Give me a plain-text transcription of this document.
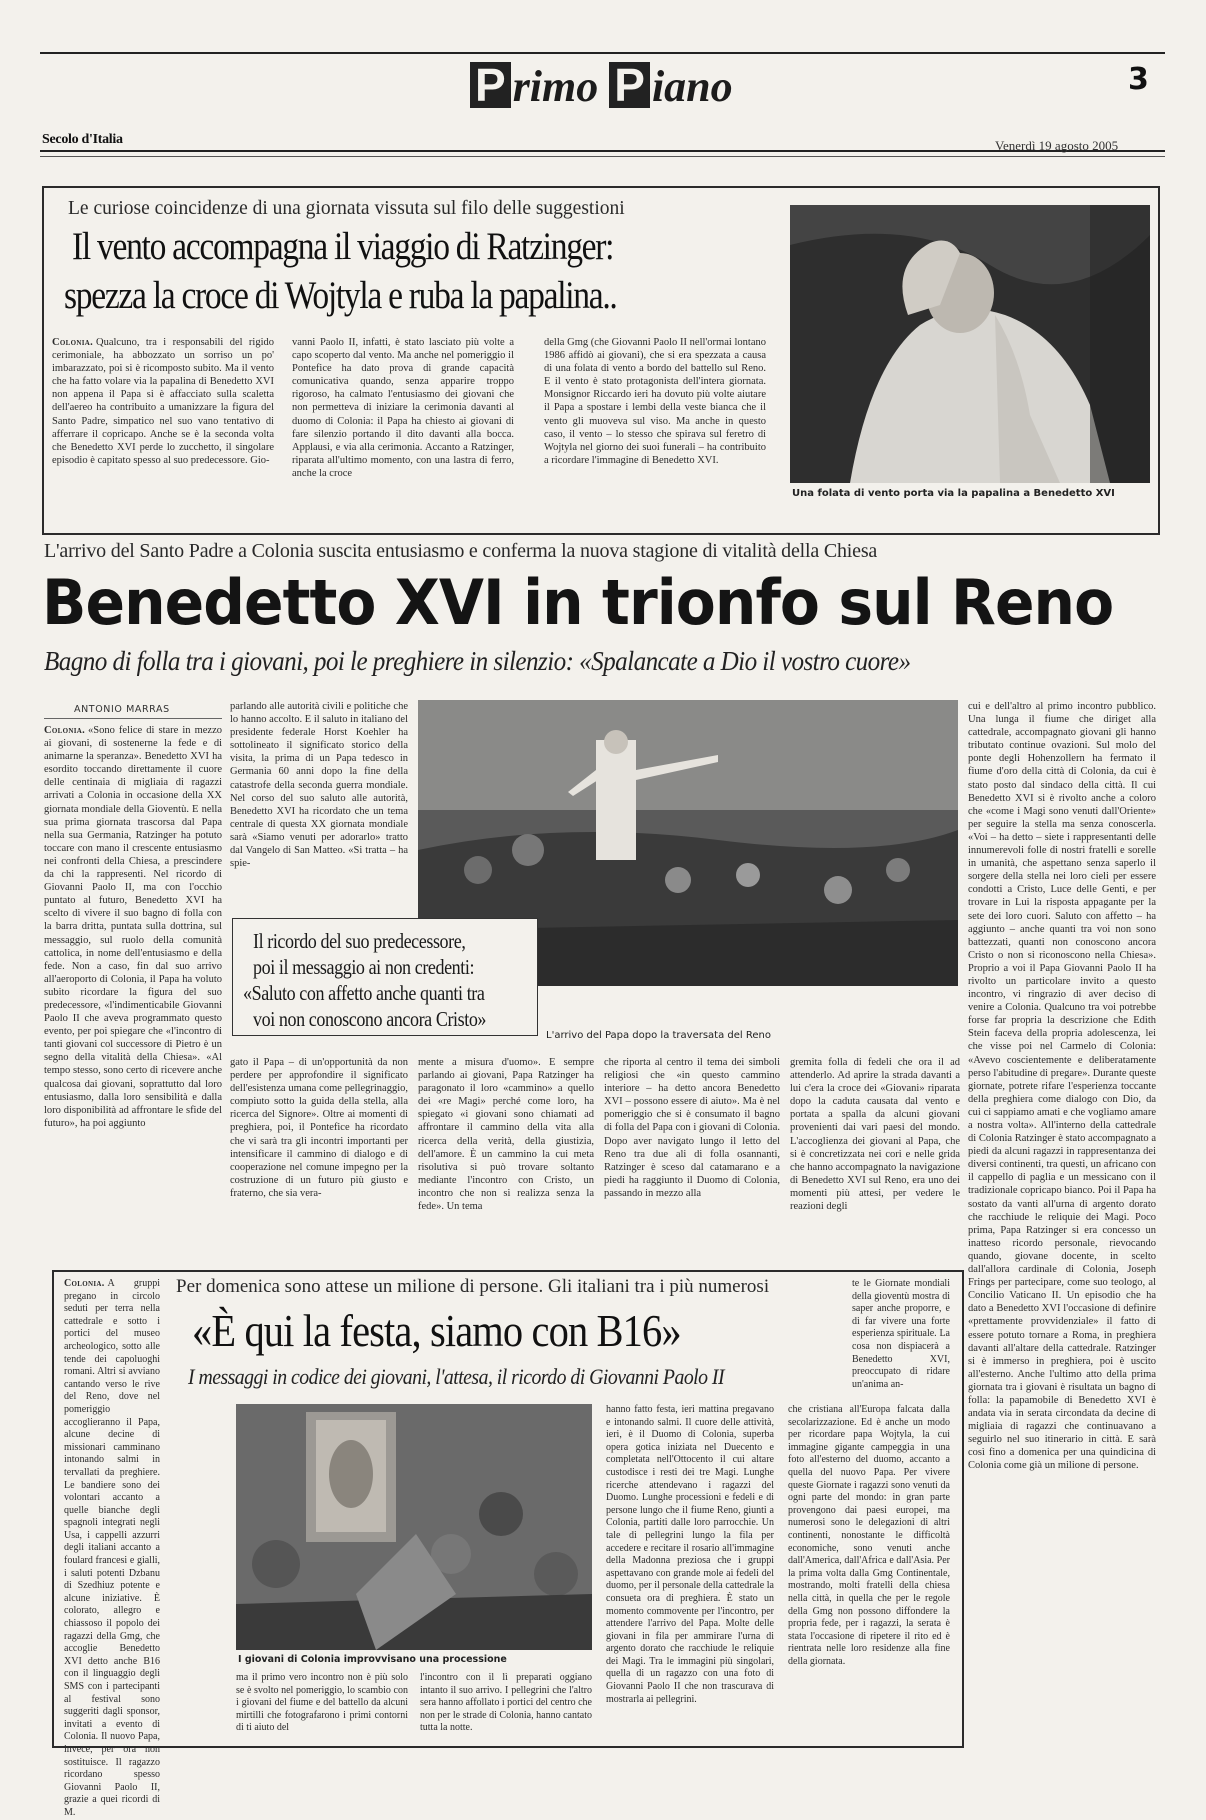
P rimo P iano	3
Secolo d'Italia	Venerdì 19 agosto 2005
Le curiose coincidenze di una giornata vissuta sul filo delle suggestioni
Il vento accompagna il viaggio di Ratzinger:
spezza la croce di Wojtyla e ruba la papalina..
Colonia. Qualcuno, tra i responsabili del rigido cerimoniale, ha abbozzato un sorriso un po' imbarazzato, poi si è ricomposto subito. Ma il vento che ha fatto volare via la papalina di Benedetto XVI non appena il Papa si è affacciato sulla scaletta dell'aereo ha contribuito a umanizzare la figura del Santo Padre, simpatico nel suo vano tentativo di afferrare il copricapo. Anche se è la seconda volta che Benedetto XVI perde lo zucchetto, il singolare episodio è capitato spesso al suo predecessore. Gio-
vanni Paolo II, infatti, è stato lasciato più volte a capo scoperto dal vento. Ma anche nel pomeriggio il Pontefice ha dato prova di grande capacità comunicativa quando, senza apparire troppo rigoroso, ha calmato l'entusiasmo dei giovani che non permetteva di iniziare la cerimonia davanti al duomo di Colonia: il Papa ha chiesto ai giovani di fare silenzio portando il dito davanti alla bocca. Applausi, e via alla cerimonia. Accanto a Ratzinger, riparata all'ultimo momento, con una lastra di ferro, anche la croce
della Gmg (che Giovanni Paolo II nell'ormai lontano 1986 affidò ai giovani), che si era spezzata a causa di una folata di vento a bordo del battello sul Reno. E il vento è stato protagonista dell'intera giornata. Monsignor Riccardo ieri ha dovuto più volte aiutare il Papa a spostare i lembi della veste bianca che il vento gli muoveva sul viso. Ma anche in questo caso, il vento – lo stesso che spirava sul feretro di Wojtyla nel giorno dei suoi funerali – ha contribuito a ricordare l'immagine di Benedetto XVI.
Una folata di vento porta via la papalina a Benedetto XVI
L'arrivo del Santo Padre a Colonia suscita entusiasmo e conferma la nuova stagione di vitalità della Chiesa
Benedetto XVI in trionfo sul Reno
Bagno di folla tra i giovani, poi le preghiere in silenzio: «Spalancate a Dio il vostro cuore»
ANTONIO MARRAS
Colonia. «Sono felice di stare in mezzo ai giovani, di sostenerne la fede e di animarne la speranza». Benedetto XVI ha esordito toccando direttamente il cuore delle centinaia di migliaia di ragazzi arrivati a Colonia in occasione della XX giornata mondiale della Gioventù. E nella sua prima giornata trascorsa dal Papa nella sua Germania, Ratzinger ha potuto toccare con mano il crescente entusiasmo nei confronti della Chiesa, a prescindere da chi la rappresenti. Nel ricordo di Giovanni Paolo II, ma con l'occhio puntato al futuro, Benedetto XVI ha scelto di vivere il suo bagno di folla con la barra dritta, puntata sulla dottrina, sul messaggio, sul ruolo della comunità cattolica, in nome dell'entusiasmo e della fede. Non a caso, fin dal suo arrivo all'aeroporto di Colonia, il Papa ha voluto subito ricordare la figura del suo predecessore, «l'indimenticabile Giovanni Paolo II che aveva programmato questo evento, per poi spiegare che «l'incontro di tanti giovani col successore di Pietro è un segno della vitalità della Chiesa». «Al tempo stesso, sono certo di ricevere anche qualcosa dai giovani, soprattutto dal loro entusiasmo, dalla loro sensibilità e dalla loro disponibilità ad affrontare le sfide del futuro», ha poi aggiunto
parlando alle autorità civili e politiche che lo hanno accolto. E il saluto in italiano del presidente federale Horst Koehler ha sottolineato il significato storico della visita, la prima di un Papa tedesco in Germania 60 anni dopo la fine della catastrofe della seconda guerra mondiale. Nel corso del suo saluto alle autorità, Benedetto XVI ha ricordato che un tema centrale di questa XX giornata mondiale sarà «Siamo venuti per adorarlo» tratto dal Vangelo di San Matteo. «Si tratta – ha spie-
Il ricordo del suo predecessore,
poi il messaggio ai non credenti:
«Saluto con affetto anche quanti tra
voi non conoscono ancora Cristo»
L'arrivo del Papa dopo la traversata del Reno
cui e dell'altro al primo incontro pubblico. Una lunga il fiume che diriget alla cattedrale, accompagnato giovani gli hanno tributato continue ovazioni. Sul molo del ponte degli Hohenzollern ha fermato il fiume d'oro della città di Colonia, da cui è stato posto dal sindaco della città. Il cui Benedetto XVI si è rivolto anche a coloro che «come i Magi sono venuti dall'Oriente» per seguire la stella ma senza conoscerla. «Voi – ha detto – siete i rappresentanti delle innumerevoli folle di nostri fratelli e sorelle in umanità, che aspettano senza saperlo il sorgere della stella nei loro cieli per essere condotti a Cristo, Luce delle Genti, e per trovare in Lui la risposta appagante per la sete dei loro cuori. Saluto con affetto – ha aggiunto – anche quanti tra voi non sono battezzati, quanti non conoscono ancora Cristo o non si riconoscono nella Chiesa». Proprio a voi il Papa Giovanni Paolo II ha rivolto un particolare invito a questo incontro, vi ringrazio di aver deciso di venire a Colonia. Qualcuno tra voi potrebbe forse far propria la descrizione che Edith Stein faceva della propria adolescenza, lei che visse poi nel Carmelo di Colonia: «Avevo coscientemente e deliberatamente perso l'abitudine di pregare». Durante queste giornate, potrete rifare l'esperienza toccante della preghiera come dialogo con Dio, da cui ci sappiamo amati e che vogliamo amare a nostra volta». All'interno della cattedrale di Colonia Ratzinger è stato accompagnato a piedi da alcuni ragazzi in rappresentanza dei diversi continenti, tra questi, un africano con il cappello di paglia e un messicano con il tradizionale copricapo bianco. Poi il Papa ha sostato da vanti all'urna di argento dorato che racchiude le reliquie dei Magi. Poco prima, Papa Ratzinger si era concesso un inatteso ricordo personale, rievocando quando, giovane docente, in scelto dall'allora cardinale di Colonia, Joseph Frings per partecipare, come suo teologo, al Concilio Vaticano II. Un episodio che ha dato a Benedetto XVI l'occasione di definire «prettamente provvidenziale» il fatto di essere potuto tornare a Roma, in preghiera davanti all'altare della cattedrale. Ratzinger si è immerso in preghiera, poi è uscito all'esterno. Anche l'ultimo atto della prima giornata tra i giovani è risultata un bagno di folla: la papamobile di Benedetto XVI è andata via in serata circondata da decine di migliaia di ragazzi che continuavano a seguirlo nel suo itinerario in città. E sarà così fino a domenica per una quindicina di Colonia come già un milione di persone.
gato il Papa – di un'opportunità da non perdere per approfondire il significato dell'esistenza umana come pellegrinaggio, compiuto sotto la guida della stella, alla ricerca del Signore». Oltre ai momenti di preghiera, poi, il Pontefice ha ricordato che vi sarà tra gli incontri importanti per intensificare il cammino di dialogo e di cooperazione nel comune impegno per la costruzione di un futuro più giusto e fraterno, che sia vera-
mente a misura d'uomo». E sempre parlando ai giovani, Papa Ratzinger ha paragonato il loro «cammino» a quello dei «re Magi» perché come loro, ha spiegato «i giovani sono chiamati ad affrontare il cammino della vita alla ricerca della verità, della giustizia, dell'amore. È un cammino la cui meta risolutiva si può trovare soltanto mediante l'incontro con Cristo, un incontro che non si realizza senza la fede». Un tema
che riporta al centro il tema dei simboli religiosi che «in questo cammino interiore – ha detto ancora Benedetto XVI – possono essere di aiuto». Ma è nel pomeriggio che si è consumato il bagno di folla del Papa con i giovani di Colonia. Dopo aver navigato lungo il letto del Reno tra due ali di folla osannanti, Ratzinger è sceso dal catamarano e a piedi ha raggiunto il Duomo di Colonia, passando in mezzo alla
gremita folla di fedeli che ora il ad attenderlo. Ad aprire la strada davanti a lui c'era la croce dei «Giovani» riparata dopo la caduta causata dal vento e portata a spalla da alcuni giovani provenienti dai vari paesi del mondo. L'accoglienza dei giovani al Papa, che si è concretizzata nei cori e nelle grida che hanno accompagnato la navigazione di Benedetto XVI sul Reno, era uno dei momenti più attesi, per vedere le reazioni degli
Colonia. A gruppi pregano in circolo seduti per terra nella cattedrale e sotto i portici del museo archeologico, sotto alle tende dei capoluoghi romani. Altri si avviano cantando verso le rive del Reno, dove nel pomeriggio accoglieranno il Papa, alcune decine di missionari camminano intonando salmi in tervallati da preghiere. Le bandiere sono dei volontari accanto a quelle bianche degli spagnoli integrati negli Usa, i cappelli azzurri degli italiani accanto a foulard francesi e gialli, i saluti potenti Dzbanu di Szedhiuz potente e alcune iniziative. È colorato, allegro e chiassoso il popolo dei ragazzi della Gmg, che accoglie Benedetto XVI detto anche B16 con il linguaggio degli SMS con i partecipanti al festival sono suggeriti dagli sponsor, invitati a evento di Colonia. Il nuovo Papa, invece, per ora non sostituisce. Il ragazzo ricordano spesso Giovanni Paolo II, grazie a quei ricordi di M.
Per domenica sono attese un milione di persone. Gli italiani tra i più numerosi
«È qui la festa, siamo con B16»
I messaggi in codice dei giovani, l'attesa, il ricordo di Giovanni Paolo II
I giovani di Colonia improvvisano una processione
ma il primo vero incontro non è più solo se è svolto nel pomeriggio, lo scambio con i giovani del fiume e del battello da alcuni mirtilli che fotografarono i primi contorni di ti aiuto del
l'incontro con il lì preparati oggiano intanto il suo arrivo. I pellegrini che l'altro sera hanno affollato i portici del centro che non per le strade di Colonia, hanno cantato tutta la notte.
hanno fatto festa, ieri mattina pregavano e intonando salmi. Il cuore delle attività, ieri, è il Duomo di Colonia, superba opera gotica iniziata nel Duecento e completata nell'Ottocento il cui altare custodisce i resti dei tre Magi. Lunghe ricerche attendevano i ragazzi del Duomo. Lunghe processioni e fedeli e di persone lungo che il fiume Reno, giunti a Colonia, partiti dalle loro parrocchie. Un tale di pellegrini lungo la fila per accedere e recitare il rosario all'immagine della Madonna preziosa che i gruppi aspettavano con grande mole ai fedeli del duomo, per il personale della cattedrale la consueta ora di preghiera. È stato un momento commovente per l'incontro, per attendere l'arrivo del Papa. Molte delle giovani in fila per ammirare l'urna di argento dorato che racchiude le reliquie dei Magi. Tra le immagini più singolari, quella di un ragazzo con una foto di Giovanni Paolo II che non trascurava di mostrarla ai pellegrini.
che cristiana all'Europa falcata dalla secolarizzazione. Ed è anche un modo per ricordare papa Wojtyla, la cui immagine gigante campeggia in una foto all'esterno del duomo, accanto a quella del nuovo Papa. Per vivere queste Giornate i ragazzi sono venuti da ogni parte del mondo: in gran parte provengono dai paesi europei, ma numerosi sono le delegazioni di altri continenti, nonostante le difficoltà economiche, sono venuti anche dall'America, dall'Africa e dall'Asia. Per la prima volta dalla Gmg Continentale, mostrando, molti fratelli della chiesa nella città, in quella che per le regole della Gmg non possono diffondere la propria fede, per i ragazzi, la serata è stata l'occasione di ripetere il rito ed è rientrata nelle loro residenze alla fine della giornata.
te le Giornate mondiali della gioventù mostra di saper anche proporre, e di far vivere una forte esperienza spirituale. La cosa non dispiacerà a Benedetto XVI, preoccupato di ridare un'anima an-
